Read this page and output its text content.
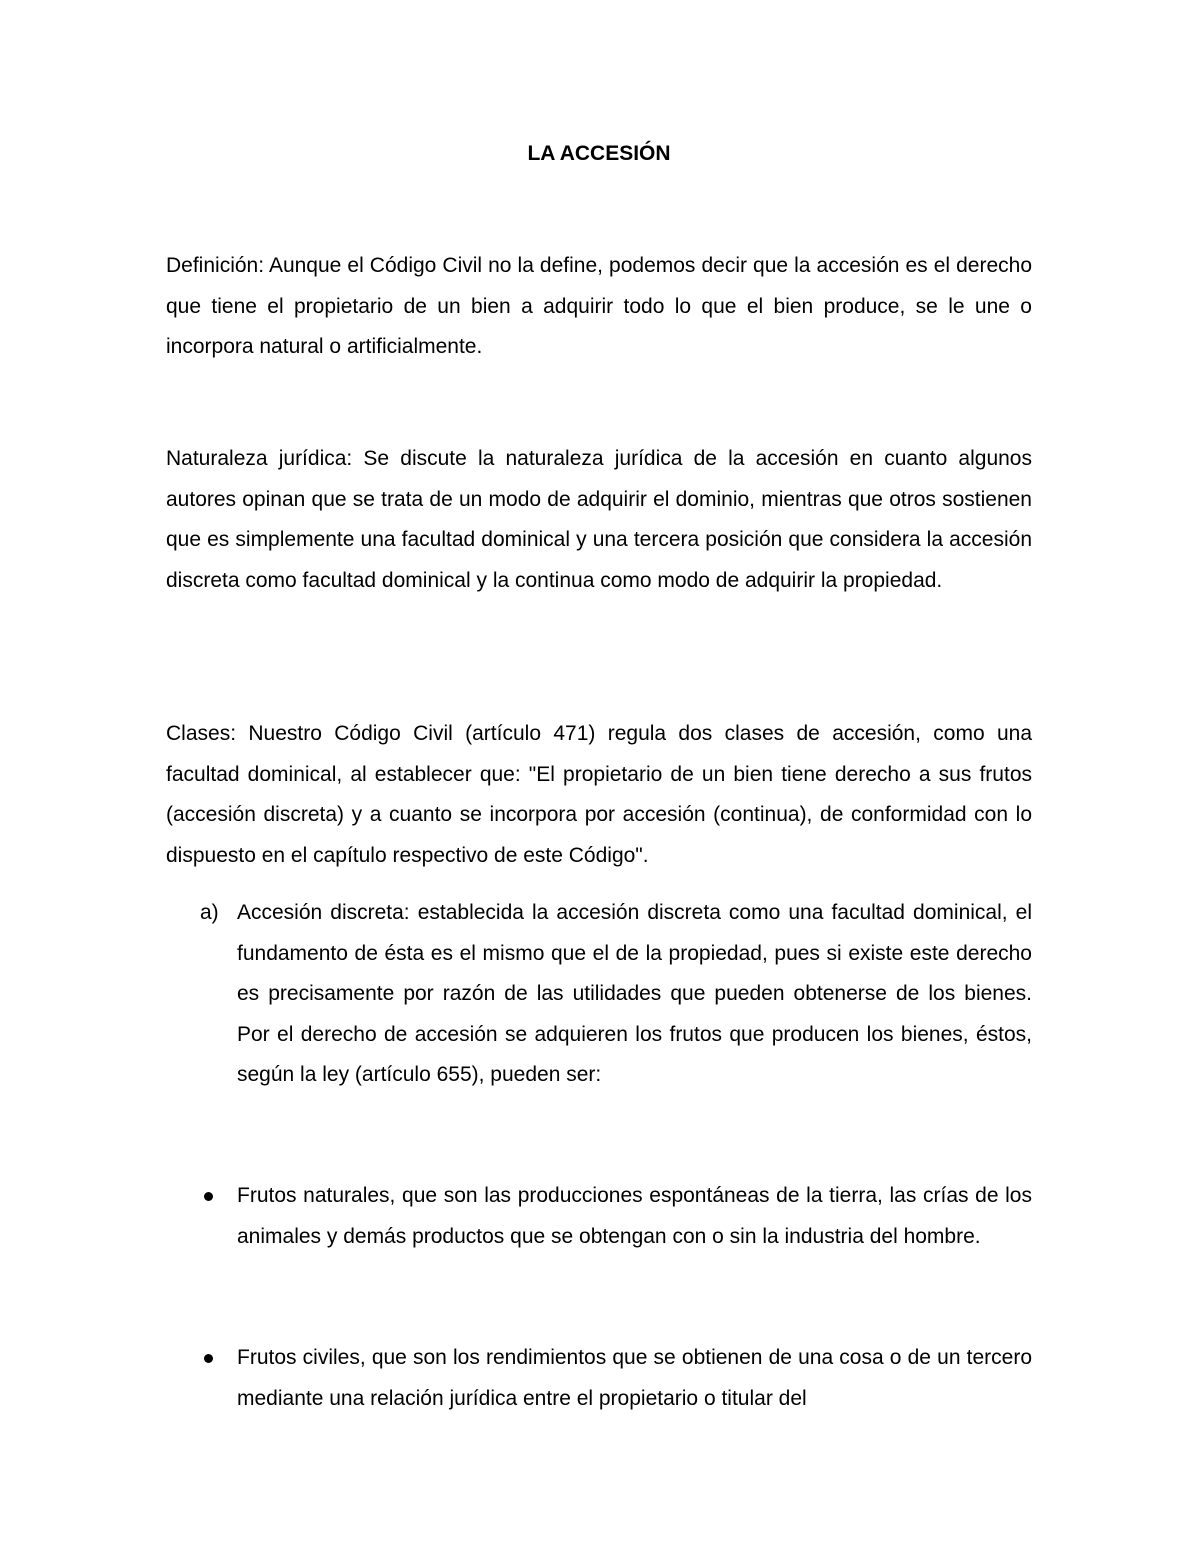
LA ACCESIÓN

Definición: Aunque el Código Civil no la define, podemos decir que la accesión es el derecho que tiene el propietario de un bien a adquirir todo lo que el bien produce, se le une o incorpora natural o artificialmente.

Naturaleza jurídica: Se discute la naturaleza jurídica de la accesión en cuanto algunos autores opinan que se trata de un modo de adquirir el dominio, mientras que otros sostienen que es simplemente una facultad dominical y una tercera posición que considera la accesión discreta como facultad dominical y la continua como modo de adquirir la propiedad.

Clases: Nuestro Código Civil (artículo 471) regula dos clases de accesión, como una facultad dominical, al establecer que: "El propietario de un bien tiene derecho a sus frutos (accesión discreta) y a cuanto se incorpora por accesión (continua), de conformidad con lo dispuesto en el capítulo respectivo de este Código".

a) Accesión discreta: establecida la accesión discreta como una facultad dominical, el fundamento de ésta es el mismo que el de la propiedad, pues si existe este derecho es precisamente por razón de las utilidades que pueden obtenerse de los bienes. Por el derecho de accesión se adquieren los frutos que producen los bienes, éstos, según la ley (artículo 655), pueden ser:

Frutos naturales, que son las producciones espontáneas de la tierra, las crías de los animales y demás productos que se obtengan con o sin la industria del hombre.

Frutos civiles, que son los rendimientos que se obtienen de una cosa o de un tercero mediante una relación jurídica entre el propietario o titular del
